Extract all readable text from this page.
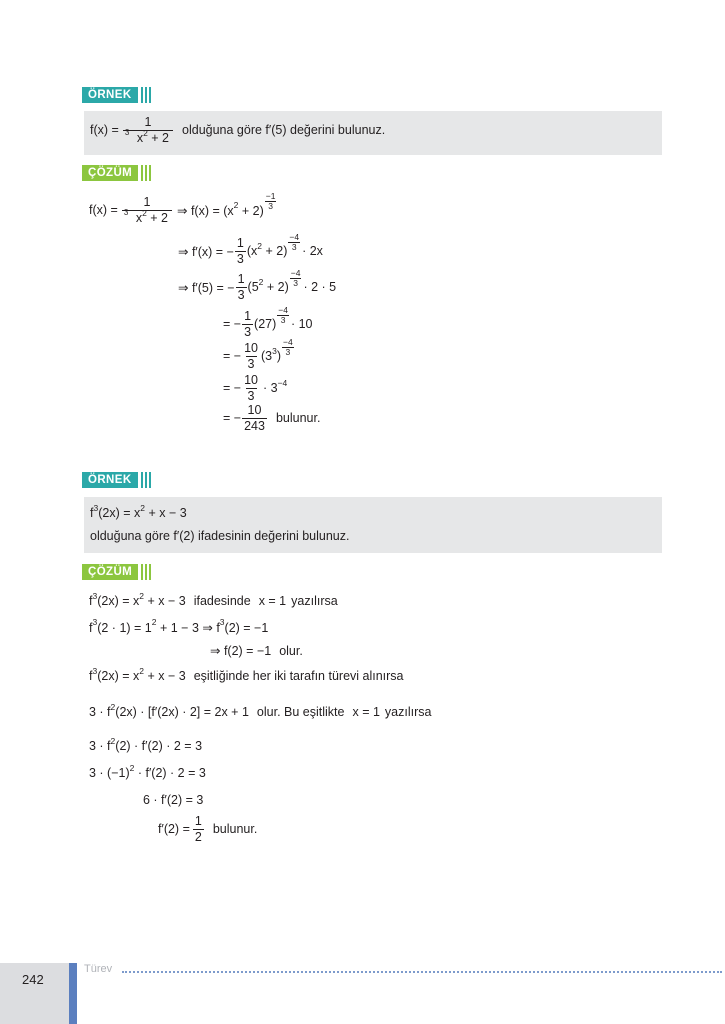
ÖRNEK
$f(x) = \frac{1}{3 x^2 + 2}$ olduğuna göre f′(5) değerini bulunuz.
ÇÖZÜM
$f(x) = \frac{1}{3 x^2 + 2}$ ⇒ $f(x) = (x^2 + 2)$
−1
3
⇒ f′(x) = − $\frac{1}{3} (x^2 + 2)$
−4
3 · 2x
⇒ f′(5) = − $\frac{1}{3} (5^2 + 2)$
−4
3 · 2 · 5
= − $\frac{1}{3} (27)$
−4
3 · 10
= − $\frac{10}{3} (3^3)$
−4
3
= − $\frac{10}{3} \cdot 3^{-4}$
= − $\frac{10}{243}$ bulunur.
ÖRNEK
$f^3(2x) = x^2 + x - 3$
olduğuna göre f′(2) ifadesinin değerini bulunuz.
ÇÖZÜM
$f^3(2x) = x^2 + x - 3$ ifadesinde x = 1 yazılırsa
$f^3(2 \cdot 1) = 1^2 + 1 - 3$ ⇒ $f^3(2) = -1$
⇒ f(2) = −1 olur.
$f^3(2x) = x^2 + x - 3$ eşitliğinde her iki tarafın türevi alınırsa
$3 \cdot f^2(2x) \cdot [f'(2x) \cdot 2] = 2x + 1$ olur. Bu eşitlikte x = 1 yazılırsa
$3 \cdot f^2(2) \cdot f'(2) \cdot 2 = 3$
$3 \cdot (-1)^2 \cdot f'(2) \cdot 2 = 3$
6 · f′(2) = 3
$f'(2) = \frac{1}{2}$ bulunur.
242
Türev
